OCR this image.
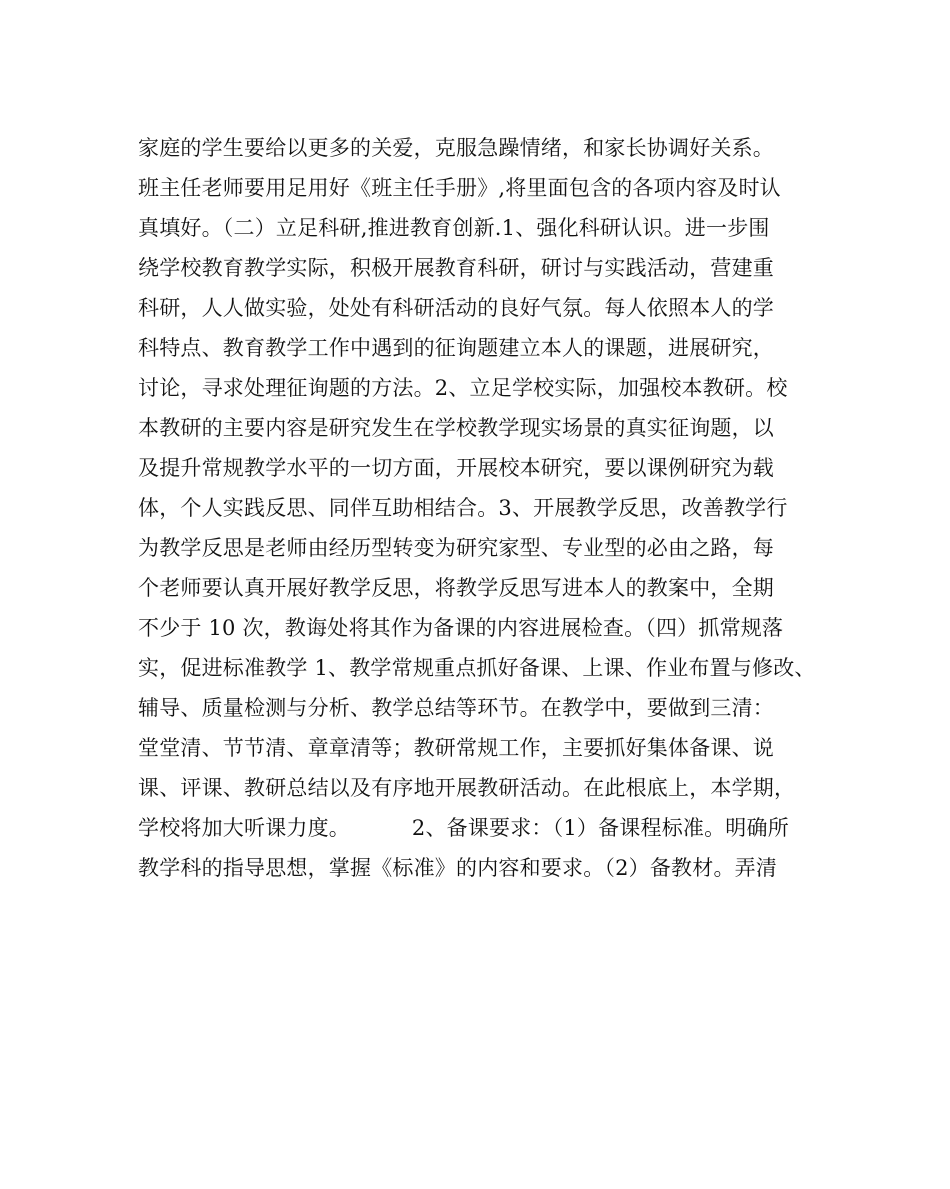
家庭的学生要给以更多的关爱，克服急躁情绪，和家长协调好关系。
班主任老师要用足用好《班主任手册》,将里面包含的各项内容及时认
真填好。（二）立足科研,推进教育创新.1、强化科研认识。进一步围
绕学校教育教学实际，积极开展教育科研，研讨与实践活动，营建重
科研，人人做实验，处处有科研活动的良好气氛。每人依照本人的学
科特点、教育教学工作中遇到的征询题建立本人的课题，进展研究，
讨论，寻求处理征询题的方法。2、立足学校实际，加强校本教研。校
本教研的主要内容是研究发生在学校教学现实场景的真实征询题，以
及提升常规教学水平的一切方面，开展校本研究，要以课例研究为载
体，个人实践反思、同伴互助相结合。3、开展教学反思，改善教学行
为教学反思是老师由经历型转变为研究家型、专业型的必由之路，每
个老师要认真开展好教学反思，将教学反思写进本人的教案中，全期
不少于 10 次，教诲处将其作为备课的内容进展检查。（四）抓常规落
实，促进标准教学 1、教学常规重点抓好备课、上课、作业布置与修改、
辅导、质量检测与分析、教学总结等环节。在教学中，要做到三清：
堂堂清、节节清、章章清等；教研常规工作，主要抓好集体备课、说
课、评课、教研总结以及有序地开展教研活动。在此根底上，本学期，
学校将加大听课力度。         2、备课要求：（1）备课程标准。明确所
教学科的指导思想，掌握《标准》的内容和要求。（2）备教材。弄清
